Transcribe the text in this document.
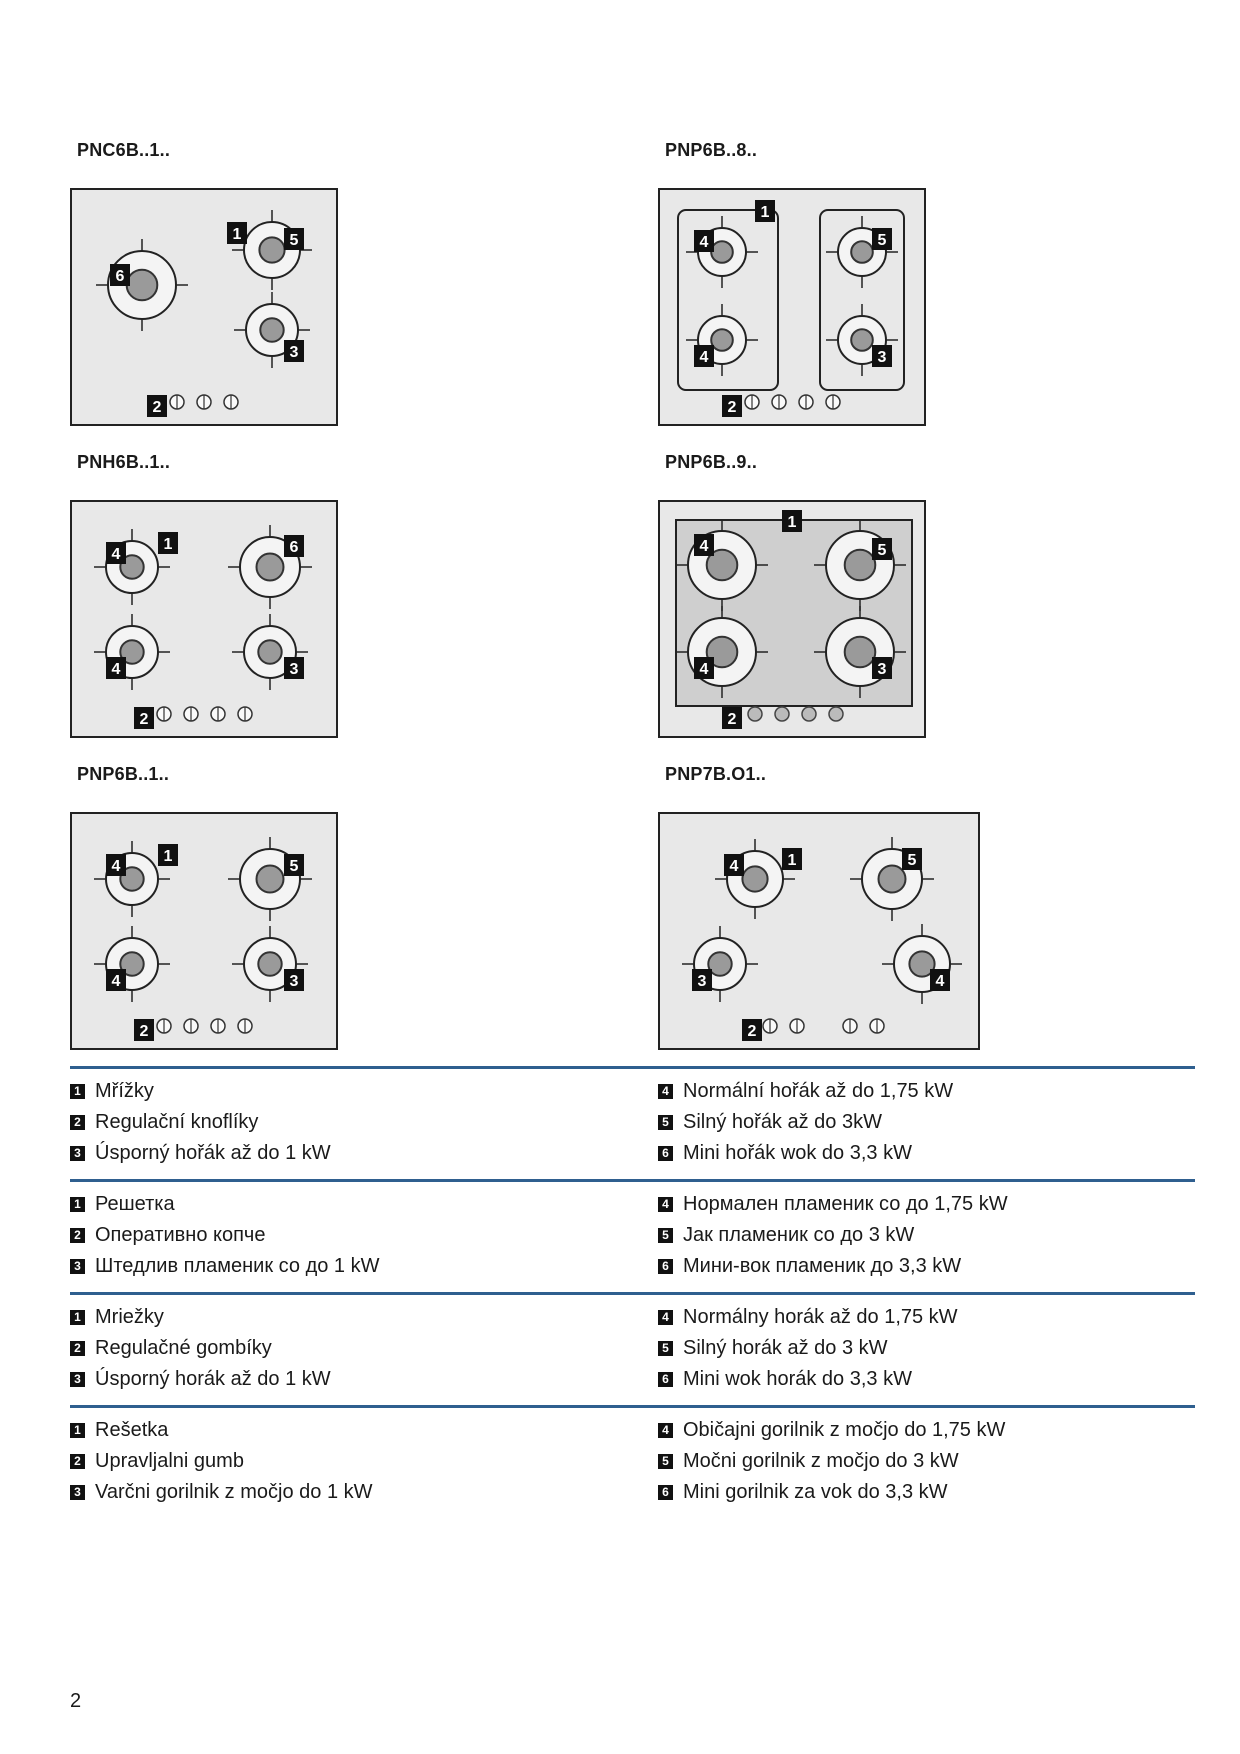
PNC6B..1..	PNP6B..8..
PNH6B..1..	PNP6B..9..
PNP6B..1..	PNP7B.O1..
6
1	5
3
2
1
4
4
5
3
2
4
1
4
6
3
2
1
4
4
5
3
2
4
1
4
5
3
2
4	1	5
3	4
2
1 Mřížky
2 Regulační knoflíky
3 Úsporný hořák až do 1 kW
4 Normální hořák až do 1,75 kW
5 Silný hořák až do 3kW
6 Mini hořák wok do 3,3 kW
1 Решетка
2 Оперативно копче
3 Штедлив пламеник со до 1 kW
4 Нормален пламеник со до 1,75 kW
5 Јак пламеник со до 3 kW
6 Мини-вок пламеник до 3,3 kW
1 Mriežky
2 Regulačné gombíky
3 Úsporný horák až do 1 kW
4 Normálny horák až do 1,75 kW
5 Silný horák až do 3 kW
6 Mini wok horák do 3,3 kW
1 Rešetka
2 Upravljalni gumb
3 Varčni gorilnik z močjo do 1 kW
4 Običajni gorilnik z močjo do 1,75 kW
5 Močni gorilnik z močjo do 3 kW
6 Mini gorilnik za vok do 3,3 kW
2
